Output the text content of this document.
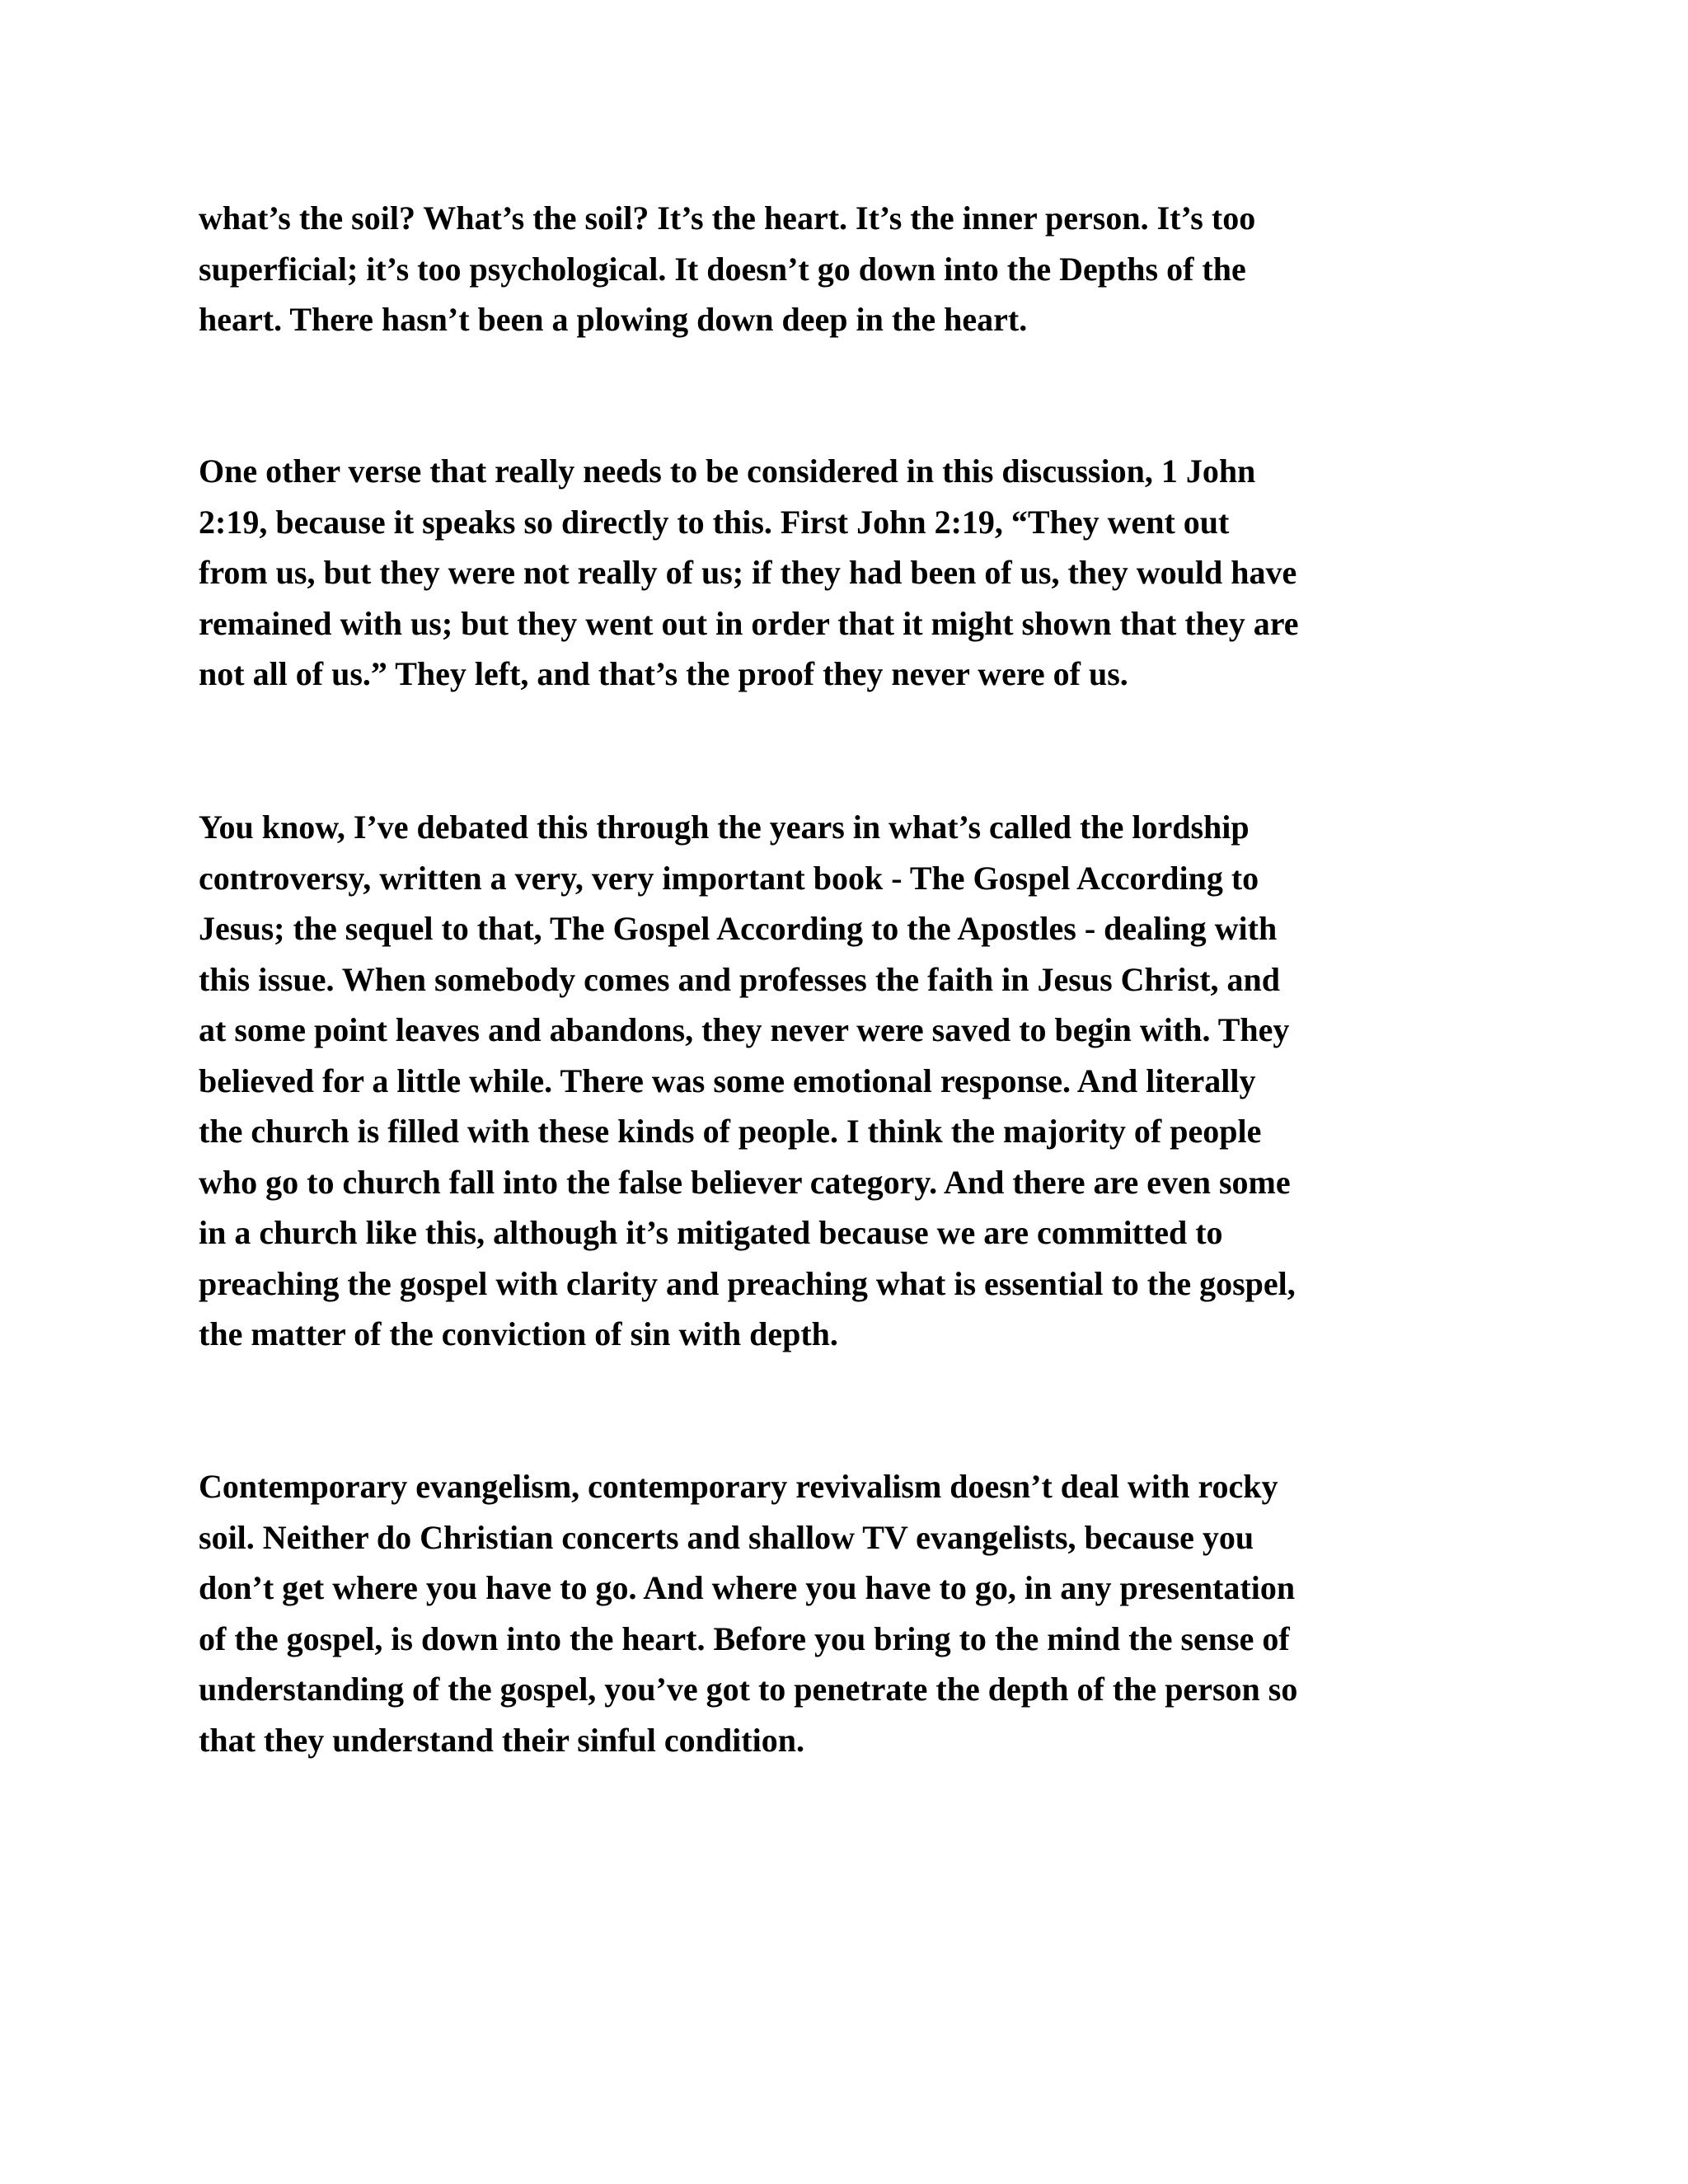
what’s the soil? What’s the soil? It’s the heart. It’s the inner person. It’s too
superficial; it’s too psychological. It doesn’t go down into the Depths of the
heart. There hasn’t been a plowing down deep in the heart.

One other verse that really needs to be considered in this discussion, 1 John
2:19, because it speaks so directly to this. First John 2:19, “They went out
from us, but they were not really of us; if they had been of us, they would have
remained with us; but they went out in order that it might shown that they are
not all of us.” They left, and that’s the proof they never were of us.

You know, I’ve debated this through the years in what’s called the lordship
controversy, written a very, very important book - The Gospel According to
Jesus; the sequel to that, The Gospel According to the Apostles - dealing with
this issue. When somebody comes and professes the faith in Jesus Christ, and
at some point leaves and abandons, they never were saved to begin with. They
believed for a little while. There was some emotional response. And literally
the church is filled with these kinds of people. I think the majority of people
who go to church fall into the false believer category. And there are even some
in a church like this, although it’s mitigated because we are committed to
preaching the gospel with clarity and preaching what is essential to the gospel,
the matter of the conviction of sin with depth.

Contemporary evangelism, contemporary revivalism doesn’t deal with rocky
soil. Neither do Christian concerts and shallow TV evangelists, because you
don’t get where you have to go. And where you have to go, in any presentation
of the gospel, is down into the heart. Before you bring to the mind the sense of
understanding of the gospel, you’ve got to penetrate the depth of the person so
that they understand their sinful condition.
